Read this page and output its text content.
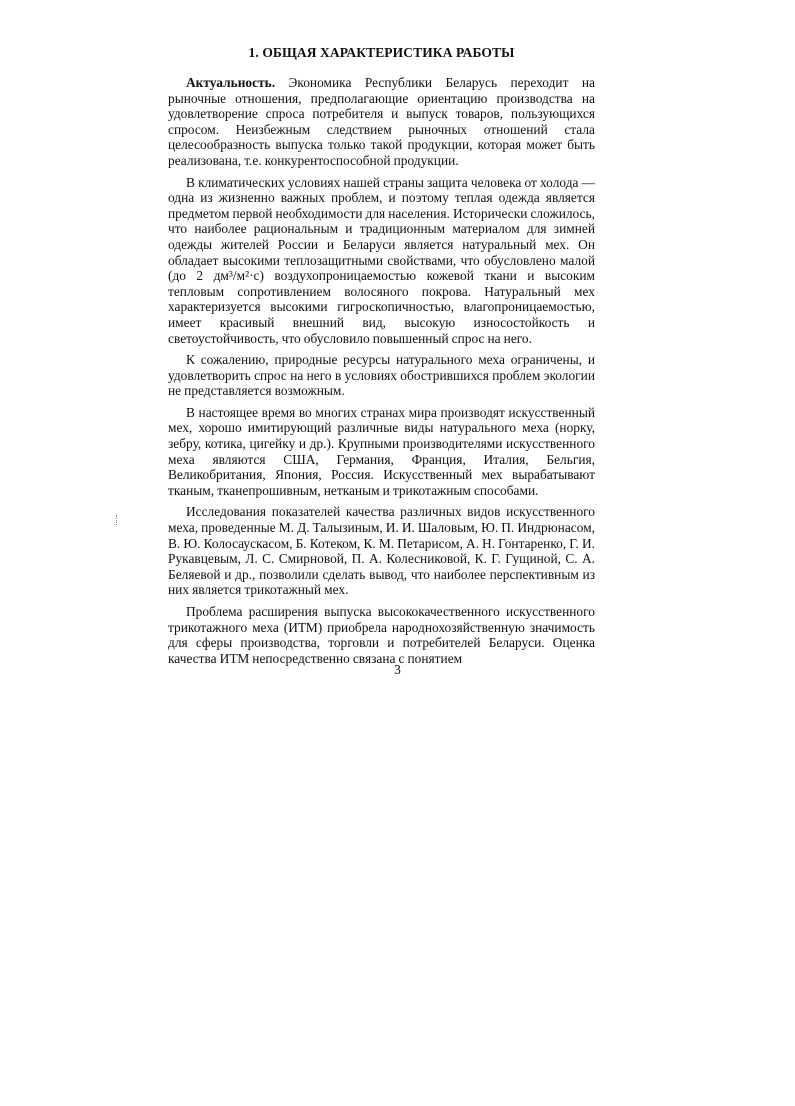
1. ОБЩАЯ ХАРАКТЕРИСТИКА РАБОТЫ

Актуальность. Экономика Республики Беларусь переходит на рыночные отношения, предполагающие ориентацию производства на удовлетворение спроса потребителя и выпуск товаров, пользующихся спросом. Неизбежным следствием рыночных отношений стала целесообразность выпуска только такой продукции, которая может быть реализована, т.е. конкурентоспособной продукции.

В климатических условиях нашей страны защита человека от холода — одна из жизненно важных проблем, и поэтому теплая одежда является предметом первой необходимости для населения. Исторически сложилось, что наиболее рациональным и традиционным материалом для зимней одежды жителей России и Беларуси является натуральный мех. Он обладает высокими теплозащитными свойствами, что обусловлено малой (до 2 дм³/м²·с) воздухопроницаемостью кожевой ткани и высоким тепловым сопротивлением волосяного покрова. Натуральный мех характеризуется высокими гигроскопичностью, влагопроницаемостью, имеет красивый внешний вид, высокую износостойкость и светоустойчивость, что обусловило повышенный спрос на него.

К сожалению, природные ресурсы натурального меха ограничены, и удовлетворить спрос на него в условиях обострившихся проблем экологии не представляется возможным.

В настоящее время во многих странах мира производят искусственный мех, хорошо имитирующий различные виды натурального меха (норку, зебру, котика, цигейку и др.). Крупными производителями искусственного меха являются США, Германия, Франция, Италия, Бельгия, Великобритания, Япония, Россия. Искусственный мех вырабатывают тканым, тканепрошивным, нетканым и трикотажным способами.

Исследования показателей качества различных видов искусственного меха, проведенные М. Д. Талызиным, И. И. Шаловым, Ю. П. Индрюнасом, В. Ю. Колосаускасом, Б. Котеком, К. М. Петарисом, А. Н. Гонтаренко, Г. И. Рукавцевым, Л. С. Смирновой, П. А. Колесниковой, К. Г. Гущиной, С. А. Беляевой и др., позволили сделать вывод, что наиболее перспективным из них является трикотажный мех.

Проблема расширения выпуска высококачественного искусственного трикотажного меха (ИТМ) приобрела народнохозяйственную значимость для сферы производства, торговли и потребителей Беларуси. Оценка качества ИТМ непосредственно связана с понятием

3
